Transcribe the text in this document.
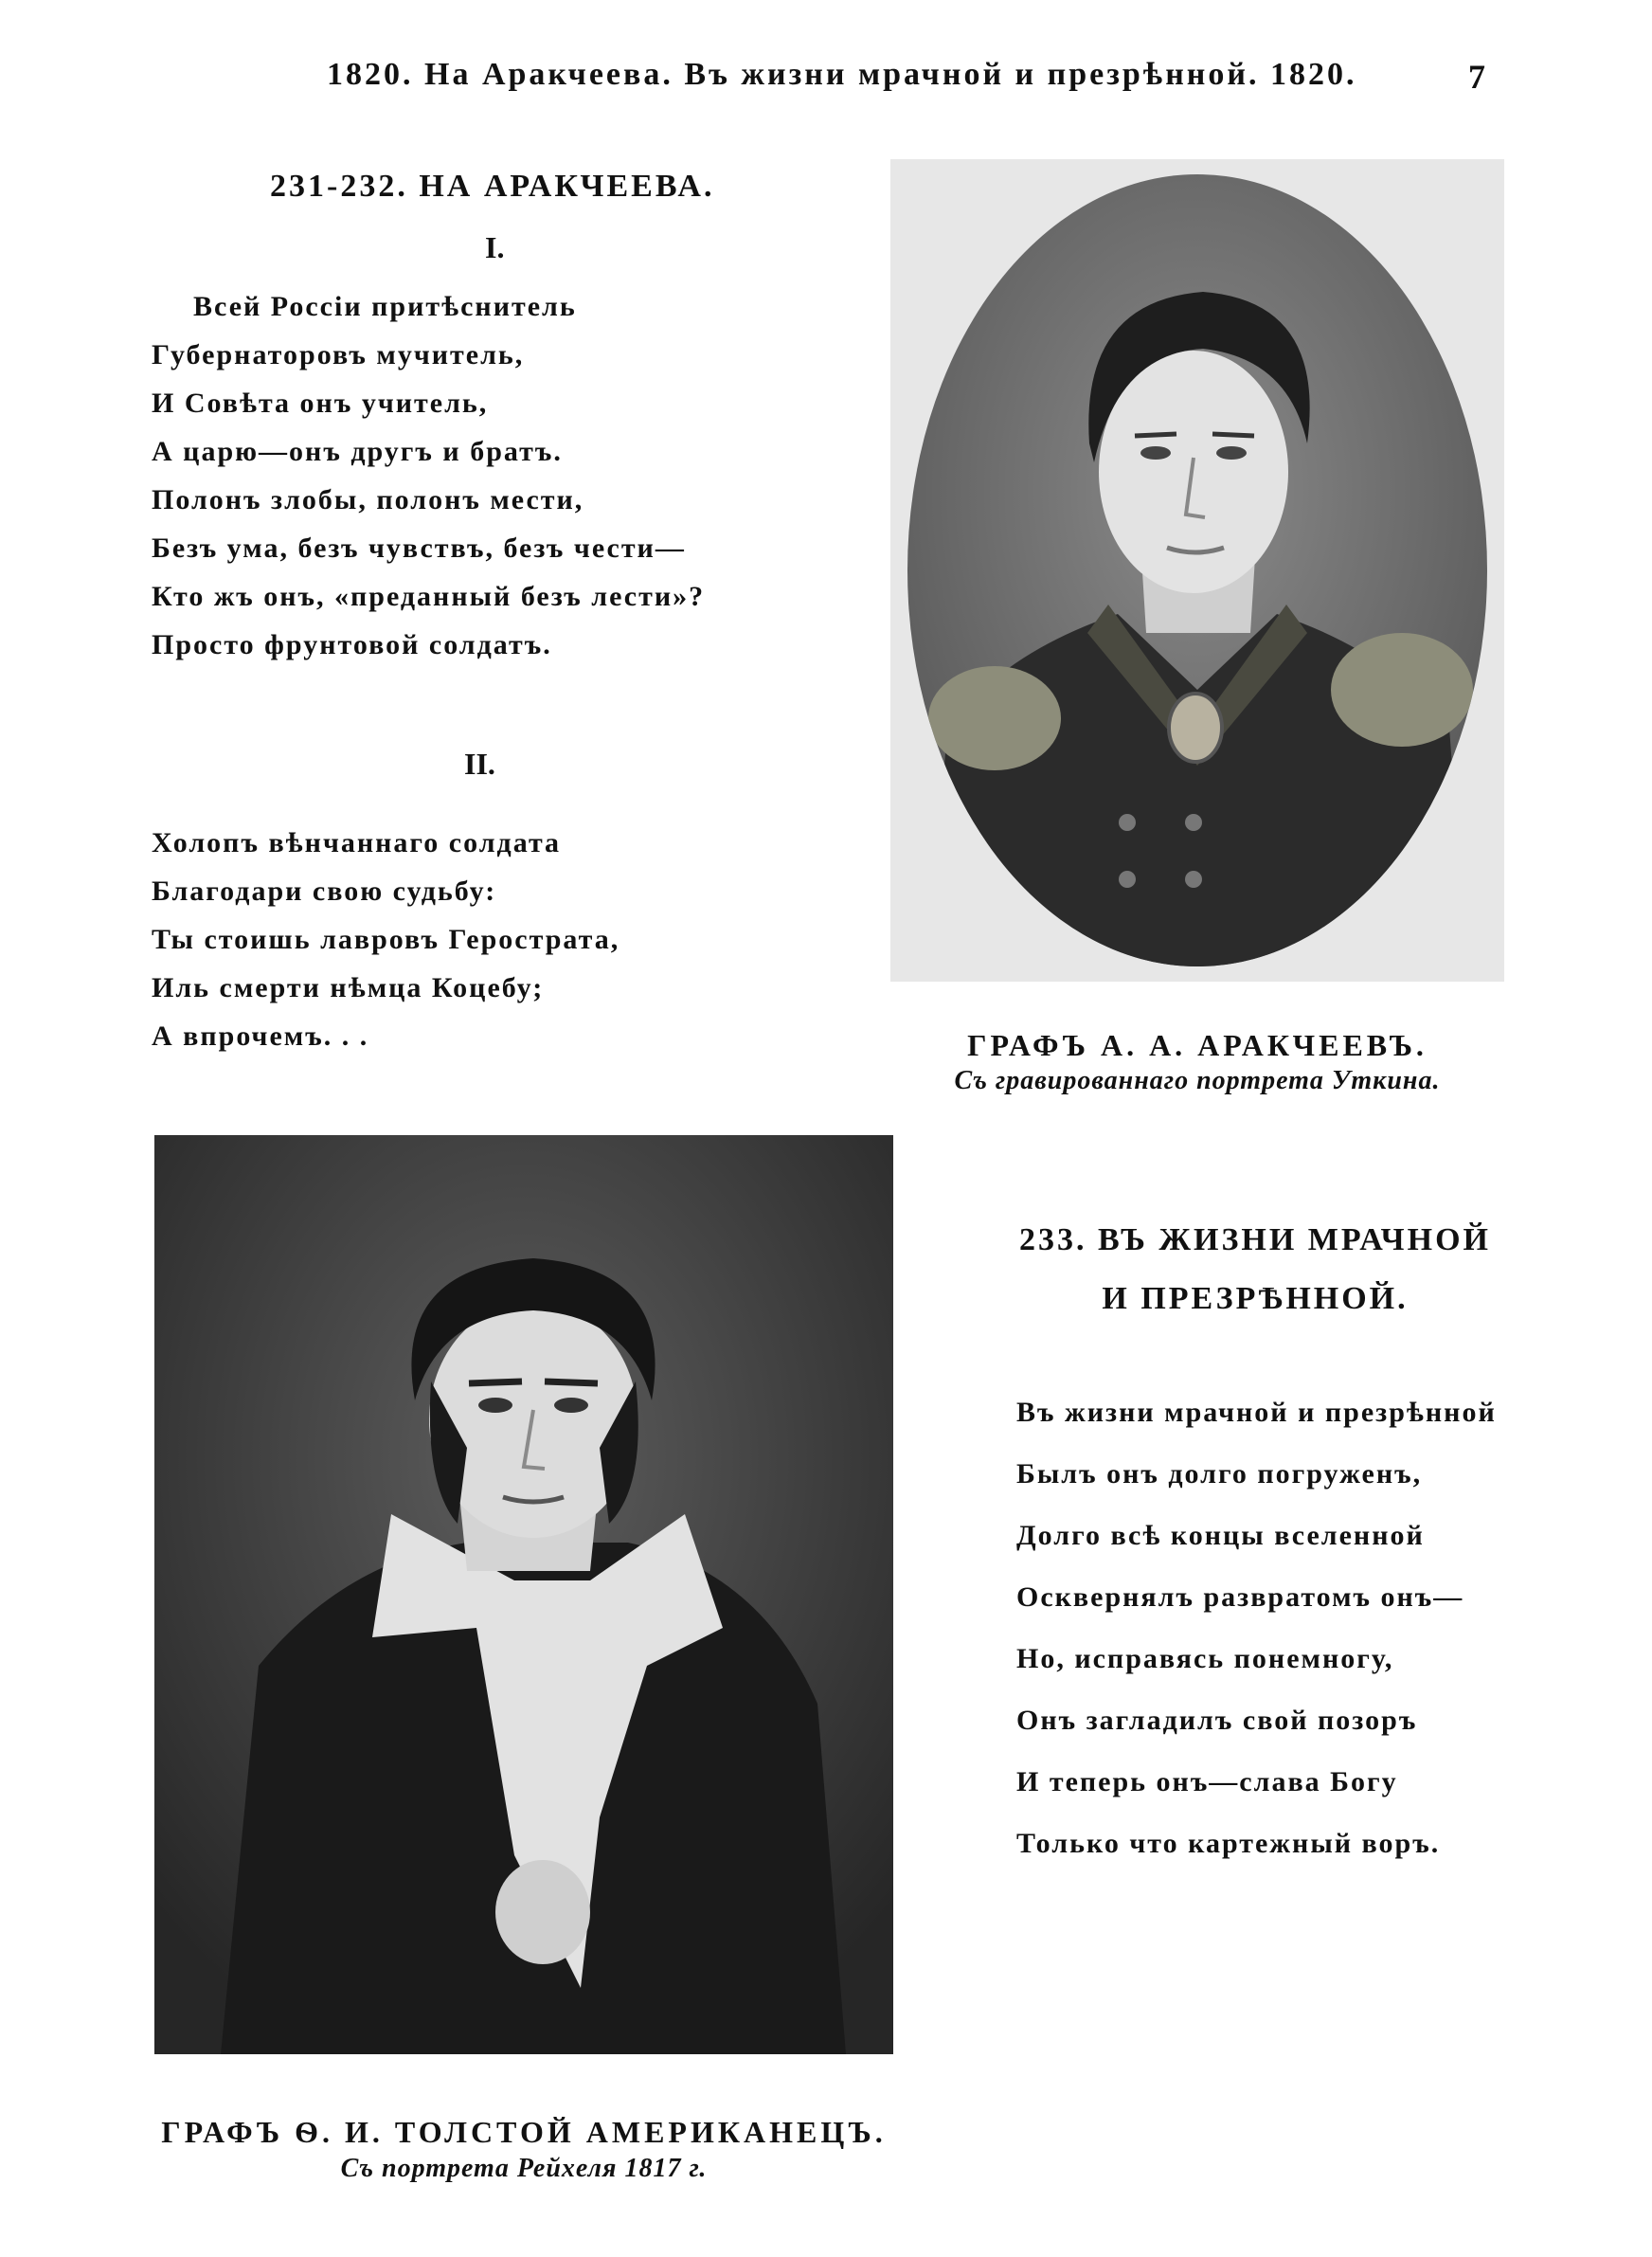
1820. На Аракчеева. Въ жизни мрачной и презрѣнной. 1820.	7
231-232. НА АРАКЧЕЕВА.
I.
Всей Россіи притѣснитель
Губернаторовъ мучитель,
И Совѣта онъ учитель,
А царю—онъ другъ и братъ.
Полонъ злобы, полонъ мести,
Безъ ума, безъ чувствъ, безъ чести—
Кто жъ онъ, «преданный безъ лести»?
Просто фрунтовой солдатъ.
II.
Холопъ вѣнчаннаго солдата
Благодари свою судьбу:
Ты стоишь лавровъ Герострата,
Иль смерти нѣмца Коцебу;
А впрочемъ. . .	ГРАФЪ А. А. АРАКЧЕЕВЪ.
Съ гравированнаго портрета Уткина.
ГРАФЪ Ѳ. И. ТОЛСТОЙ АМЕРИКАНЕЦЪ.
Съ портрета Рейхеля 1817 г.
233. ВЪ ЖИЗНИ МРАЧНОЙ
И ПРЕЗРѢННОЙ.
Въ жизни мрачной и презрѣнной
Былъ онъ долго погруженъ,
Долго всѣ концы вселенной
Осквернялъ развратомъ онъ—
Но, исправясь понемногу,
Онъ загладилъ свой позоръ
И теперь онъ—слава Богу
Только что картежный воръ.
